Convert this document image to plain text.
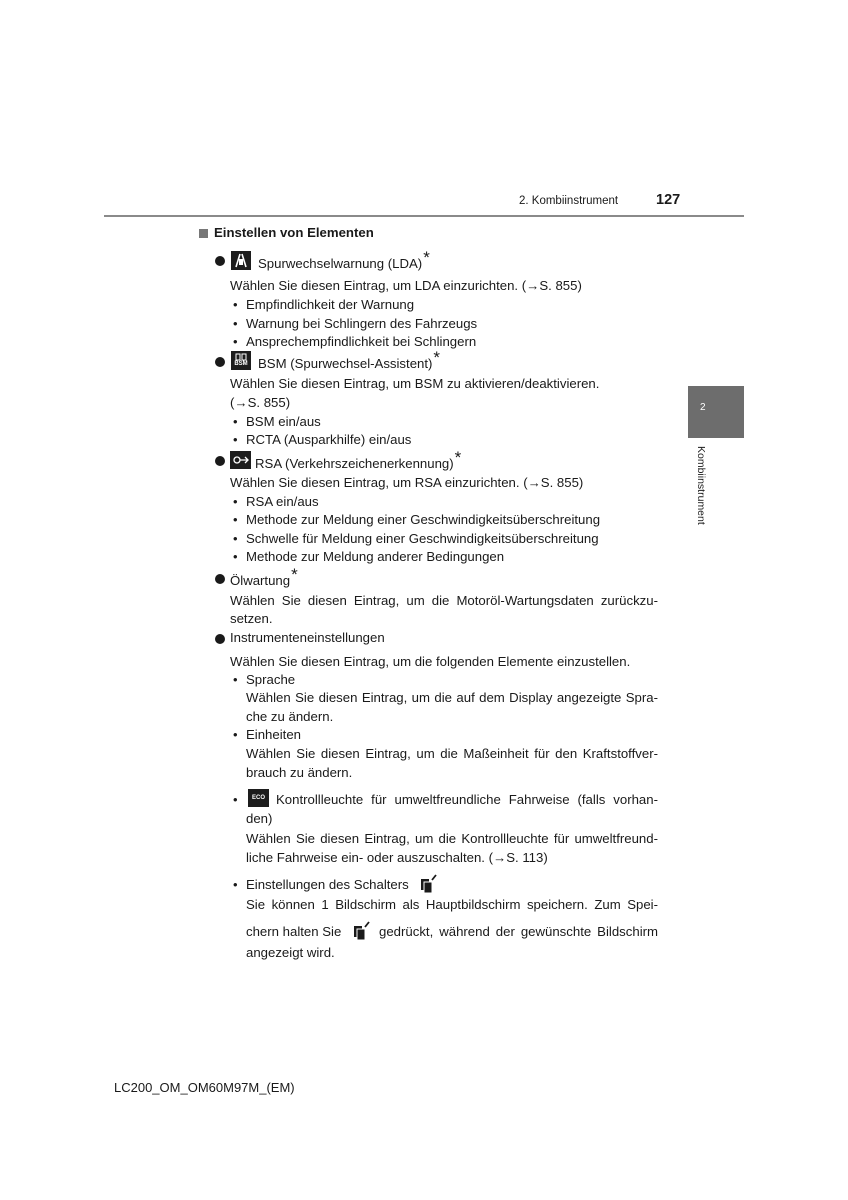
2. Kombiinstrument	127
2
Kombiinstrument
Einstellen von Elementen
Spurwechselwarnung (LDA)*
Wählen Sie diesen Eintrag, um LDA einzurichten. (→S. 855)
• Empfindlichkeit der Warnung
• Warnung bei Schlingern des Fahrzeugs
• Ansprechempfindlichkeit bei Schlingern
BSM BSM (Spurwechsel-Assistent)*
Wählen Sie diesen Eintrag, um BSM zu aktivieren/deaktivieren.
(→S. 855)
• BSM ein/aus
• RCTA (Ausparkhilfe) ein/aus
RSA (Verkehrszeichenerkennung)*
Wählen Sie diesen Eintrag, um RSA einzurichten. (→S. 855)
• RSA ein/aus
• Methode zur Meldung einer Geschwindigkeitsüberschreitung
• Schwelle für Meldung einer Geschwindigkeitsüberschreitung
• Methode zur Meldung anderer Bedingungen
Ölwartung*
Wählen Sie diesen Eintrag, um die Motoröl-Wartungsdaten zurückzu-
setzen.
Instrumenteneinstellungen
Wählen Sie diesen Eintrag, um die folgenden Elemente einzustellen.
• Sprache
Wählen Sie diesen Eintrag, um die auf dem Display angezeigte Spra-
che zu ändern.
• Einheiten
Wählen Sie diesen Eintrag, um die Maßeinheit für den Kraftstoffver-
brauch zu ändern.
• ECO Kontrollleuchte für umweltfreundliche Fahrweise (falls vorhan-
den)
Wählen Sie diesen Eintrag, um die Kontrollleuchte für umweltfreund-
liche Fahrweise ein- oder auszuschalten. (→S. 113)
• Einstellungen des Schalters
Sie können 1 Bildschirm als Hauptbildschirm speichern. Zum Spei-
chern halten Sie	gedrückt, während der gewünschte Bildschirm
angezeigt wird.
LC200_OM_OM60M97M_(EM)
